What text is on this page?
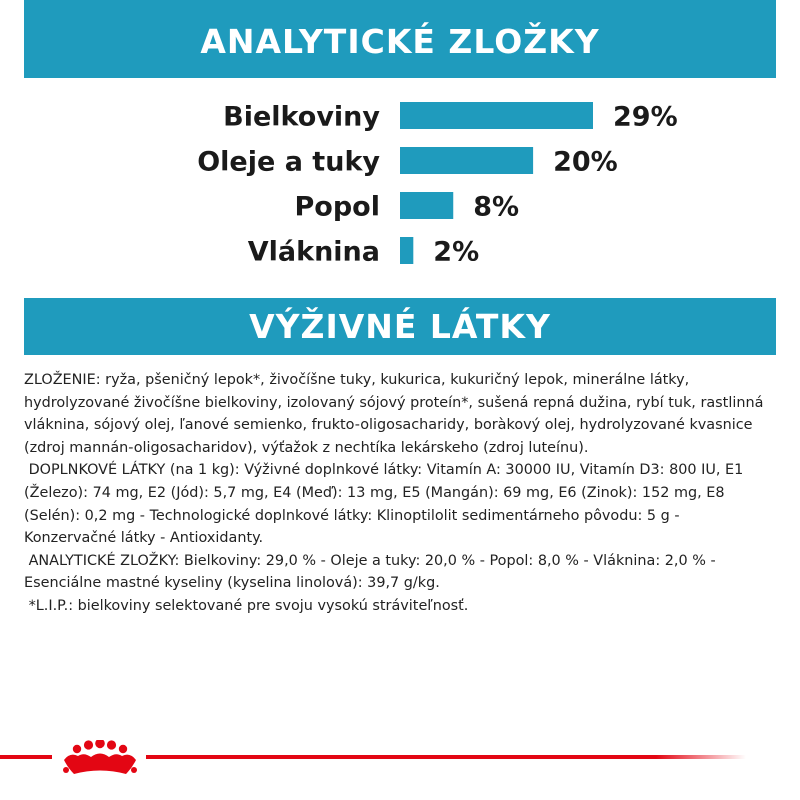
ANALYTICKÉ ZLOŽKY
Bielkoviny	29%
Oleje a tuky	20%
Popol	8%
Vláknina 2%
VÝŽIVNÉ LÁTKY

ZLOŽENIE: ryža, pšeničný lepok*, živočíšne tuky, kukurica, kukuričný lepok, minerálne látky, hydrolyzované živočíšne bielkoviny, izolovaný sójový proteín*, sušená repná dužina, rybí tuk, rastlinná vláknina, sójový olej, ľanové semienko, frukto-oligosacharidy, boràkový olej, hydrolyzované kvasnice (zdroj mannán-oligosacharidov), výťažok z nechtíka lekárskeho (zdroj luteínu).

DOPLNKOVÉ LÁTKY (na 1 kg): Výživné doplnkové látky: Vitamín A: 30000 IU, Vitamín D3: 800 IU, E1 (Železo): 74 mg, E2 (Jód): 5,7 mg, E4 (Meď): 13 mg, E5 (Mangán): 69 mg, E6 (Zinok): 152 mg, E8 (Selén): 0,2 mg - Technologické doplnkové látky: Klinoptilolit sedimentárneho pôvodu: 5 g - Konzervačné látky - Antioxidanty.

ANALYTICKÉ ZLOŽKY: Bielkoviny: 29,0 % - Oleje a tuky: 20,0 % - Popol: 8,0 % - Vláknina: 2,0 % - Esenciálne mastné kyseliny (kyselina linolová): 39,7 g/kg.

*L.I.P.: bielkoviny selektované pre svoju vysokú stráviteľnosť.
